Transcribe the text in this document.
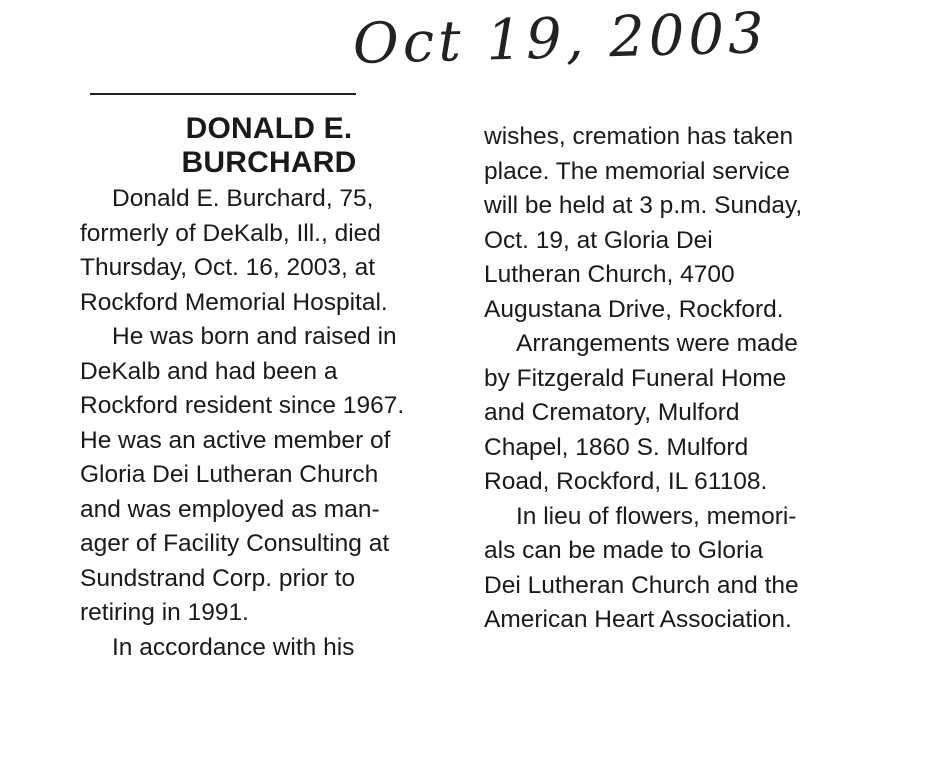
Oct 19, 2003
DONALD E.
BURCHARD
Donald E. Burchard, 75,
formerly of DeKalb, Ill., died
Thursday, Oct. 16, 2003, at
Rockford Memorial Hospital.
He was born and raised in
DeKalb and had been a
Rockford resident since 1967.
He was an active member of
Gloria Dei Lutheran Church
and was employed as man-
ager of Facility Consulting at
Sundstrand Corp. prior to
retiring in 1991.
In accordance with his
wishes, cremation has taken
place. The memorial service
will be held at 3 p.m. Sunday,
Oct. 19, at Gloria Dei
Lutheran Church, 4700
Augustana Drive, Rockford.
Arrangements were made
by Fitzgerald Funeral Home
and Crematory, Mulford
Chapel, 1860 S. Mulford
Road, Rockford, IL 61108.
In lieu of flowers, memori-
als can be made to Gloria
Dei Lutheran Church and the
American Heart Association.
